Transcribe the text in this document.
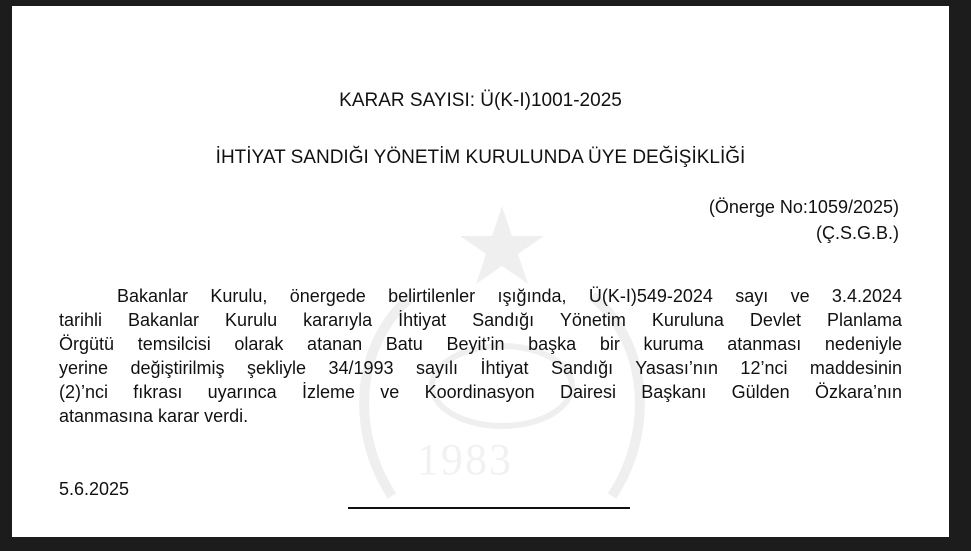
1983
KARAR SAYISI: Ü(K-I)1001-2025
İHTİYAT SANDIĞI YÖNETİM KURULUNDA ÜYE DEĞİŞİKLİĞİ
(Önerge No:1059/2025)
(Ç.S.G.B.)
Bakanlar Kurulu, önergede belirtilenler ışığında, Ü(K-I)549-2024 sayı ve 3.4.2024
tarihli Bakanlar Kurulu kararıyla İhtiyat Sandığı Yönetim Kuruluna Devlet Planlama
Örgütü temsilcisi olarak atanan Batu Beyit’in başka bir kuruma atanması nedeniyle
yerine değiştirilmiş şekliyle 34/1993 sayılı İhtiyat Sandığı Yasası’nın 12’nci maddesinin
(2)’nci fıkrası uyarınca İzleme ve Koordinasyon Dairesi Başkanı Gülden Özkara’nın
atanmasına karar verdi.
5.6.2025
